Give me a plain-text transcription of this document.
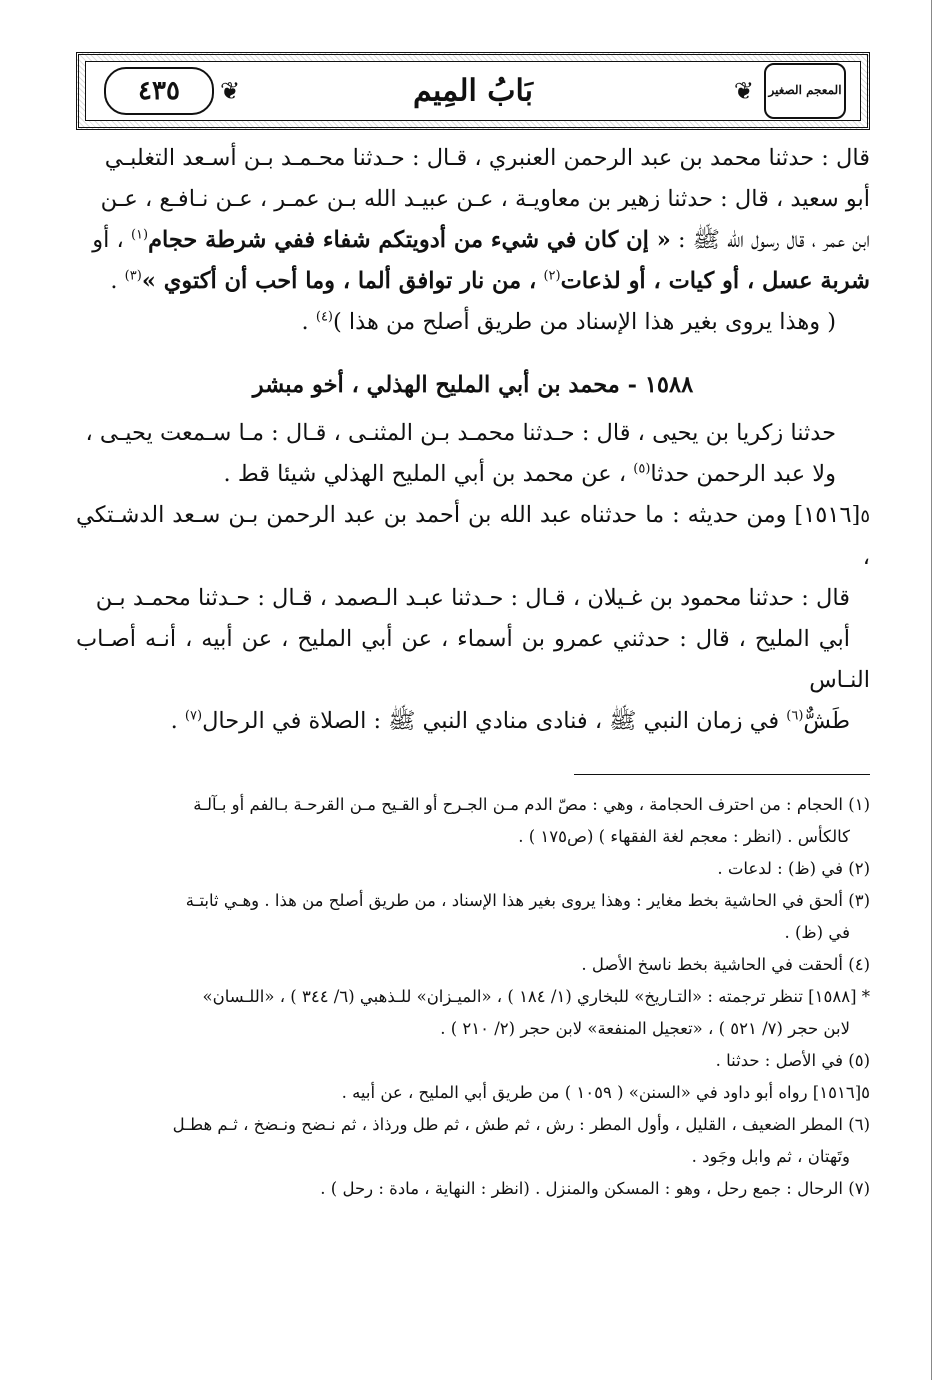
المعجم الصغير
❦
بَابُ المِيم
❦
٤٣٥

قال : حدثنا محمد بن عبد الرحمن العنبري ، قـال : حـدثنا محـمـد بـن أسـعد التغلبـي
أبو سعيد ، قال : حدثنا زهير بن معاويـة ، عـن عبيـد الله بـن عمـر ، عـن نـافـع ، عـن
ابن عمر ، قال رسول الله ﷺ : « إن كان في شيء من أدويتكم شفاء ففي شرطة حجام$^{(١)}$ ، أو
شربة عسل ، أو كيات ، أو لذعات$^{(٢)}$ ، من نار توافق ألما ، وما أحب أن أكتوي »$^{(٣)}$ .

( وهذا يروى بغير هذا الإسناد من طريق أصلح من هذا )$^{(٤)}$ .

١٥٨٨ - محمد بن أبي المليح الهذلي ، أخو مبشر

حدثنا زكريا بن يحيى ، قال : حـدثنا محمـد بـن المثنـى ، قـال : مـا سـمعت يحيـى ،
ولا عبد الرحمن حدثا$^{(٥)}$ ، عن محمد بن أبي المليح الهذلي شيئا قط .

٥[١٥١٦] ومن حديثه : ما حدثناه عبد الله بن أحمد بن عبد الرحمن بـن سـعد الدشـتكي ،
قال : حدثنا محمود بن غـيلان ، قـال : حـدثنا عبـد الـصمد ، قـال : حـدثنا محمـد بـن
أبي المليح ، قال : حدثني عمرو بن أسماء ، عن أبي المليح ، عن أبيه ، أنـه أصـاب النـاس
طَشٌّ$^{(٦)}$ في زمان النبي ﷺ ، فنادى منادي النبي ﷺ : الصلاة في الرحال$^{(٧)}$ .

(١) الحجام : من احترف الحجامة ، وهي : مصّ الدم مـن الجـرح أو القـيح مـن القرحـة بـالفم أو بـآلـة

كالكأس . (انظر : معجم لغة الفقهاء ) (ص١٧٥ ) .

(٢) في (ظ) : لدعات .

(٣) ألحق في الحاشية بخط مغاير : وهذا يروى بغير هذا الإسناد ، من طريق أصلح من هذا . وهـي ثابتـة

في (ظ) .

(٤) ألحقت في الحاشية بخط ناسخ الأصل .

* [١٥٨٨] تنظر ترجمته : «التـاريخ» للبخاري (١/ ١٨٤ ) ، «الميـزان» للـذهبي (٦/ ٣٤٤ ) ، «اللـسان»

لابن حجر (٧/ ٥٢١ ) ، «تعجيل المنفعة» لابن حجر (٢/ ٢١٠ ) .

(٥) في الأصل : حدثنا .

٥[١٥١٦] رواه أبو داود في «السنن» ( ١٠٥٩ ) من طريق أبي المليح ، عن أبيه .

(٦) المطر الضعيف ، القليل ، وأول المطر : رش ، ثم طش ، ثم طل ورذاذ ، ثم نـضح ونـضخ ، ثـم هطـل

وتَهتان ، ثم وابل وجَود .

(٧) الرحال : جمع رحل ، وهو : المسكن والمنزل . (انظر : النهاية ، مادة : رحل ) .
